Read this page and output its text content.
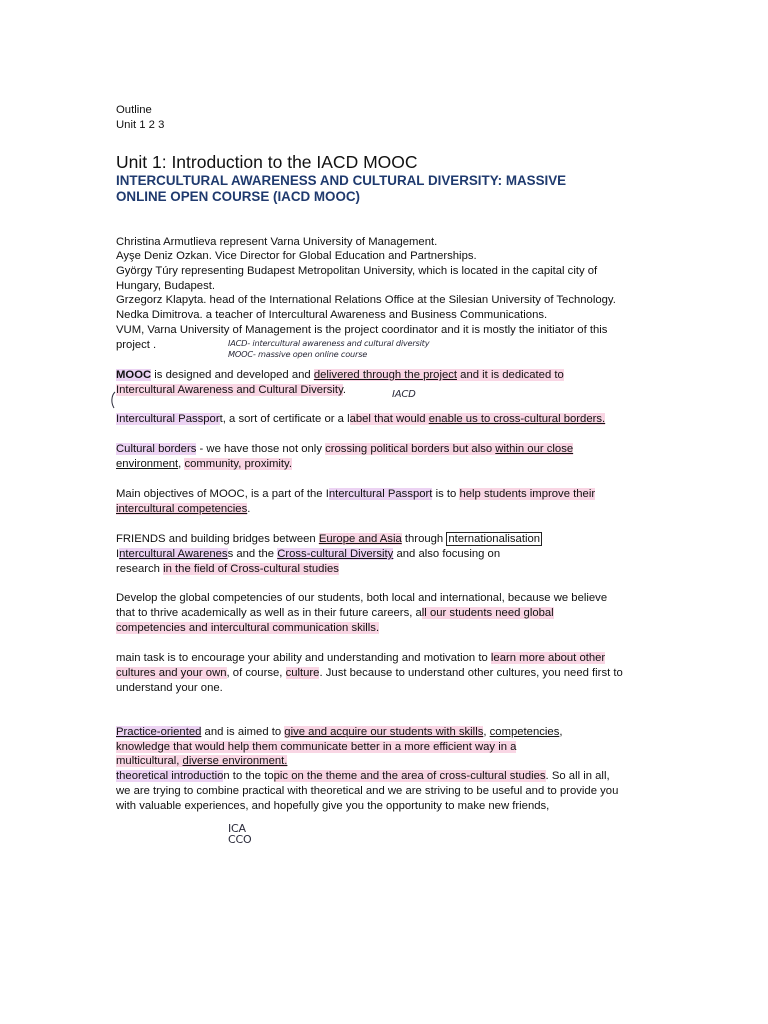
Outline
Unit 1 2 3
Unit 1: Introduction to the IACD MOOC
INTERCULTURAL AWARENESS AND CULTURAL DIVERSITY: MASSIVE
ONLINE OPEN COURSE (IACD MOOC)
Christina Armutlieva represent Varna University of Management.
Ayşe Deniz Ozkan. Vice Director for Global Education and Partnerships.
György Túry representing Budapest Metropolitan University, which is located in the capital city of
Hungary, Budapest.
Grzegorz Klapyta. head of the International Relations Office at the Silesian University of Technology.
Nedka Dimitrova. a teacher of Intercultural Awareness and Business Communications.
VUM, Varna University of Management is the project coordinator and it is mostly the initiator of this
project .	IACD- intercultural awareness and cultural diversity
MOOC- massive open online course
MOOC is designed and developed and delivered through the project and it is dedicated to
Intercultural Awareness and Cultural Diversity.	IACD
Intercultural Passport, a sort of certificate or a label that would enable us to cross-cultural borders.
Cultural borders - we have those not only crossing political borders but also within our close
environment, community, proximity.
Main objectives of MOOC, is a part of the Intercultural Passport is to help students improve their
intercultural competencies.
FRIENDS and building bridges between Europe and Asia through nternationalisation
Intercultural Awareness and the Cross-cultural Diversity and also focusing on
research in the field of Cross-cultural studies
Develop the global competencies of our students, both local and international, because we believe
that to thrive academically as well as in their future careers, all our students need global
competencies and intercultural communication skills.
main task is to encourage your ability and understanding and motivation to learn more about other
cultures and your own, of course, culture. Just because to understand other cultures, you need first to
understand your one.
Practice-oriented and is aimed to give and acquire our students with skills, competencies,
knowledge that would help them communicate better in a more efficient way in a
multicultural, diverse environment.
theoretical introduction to the topic on the theme and the area of cross-cultural studies. So all in all,
we are trying to combine practical with theoretical and we are striving to be useful and to provide you
with valuable experiences, and hopefully give you the opportunity to make new friends,
ICA
CCO
